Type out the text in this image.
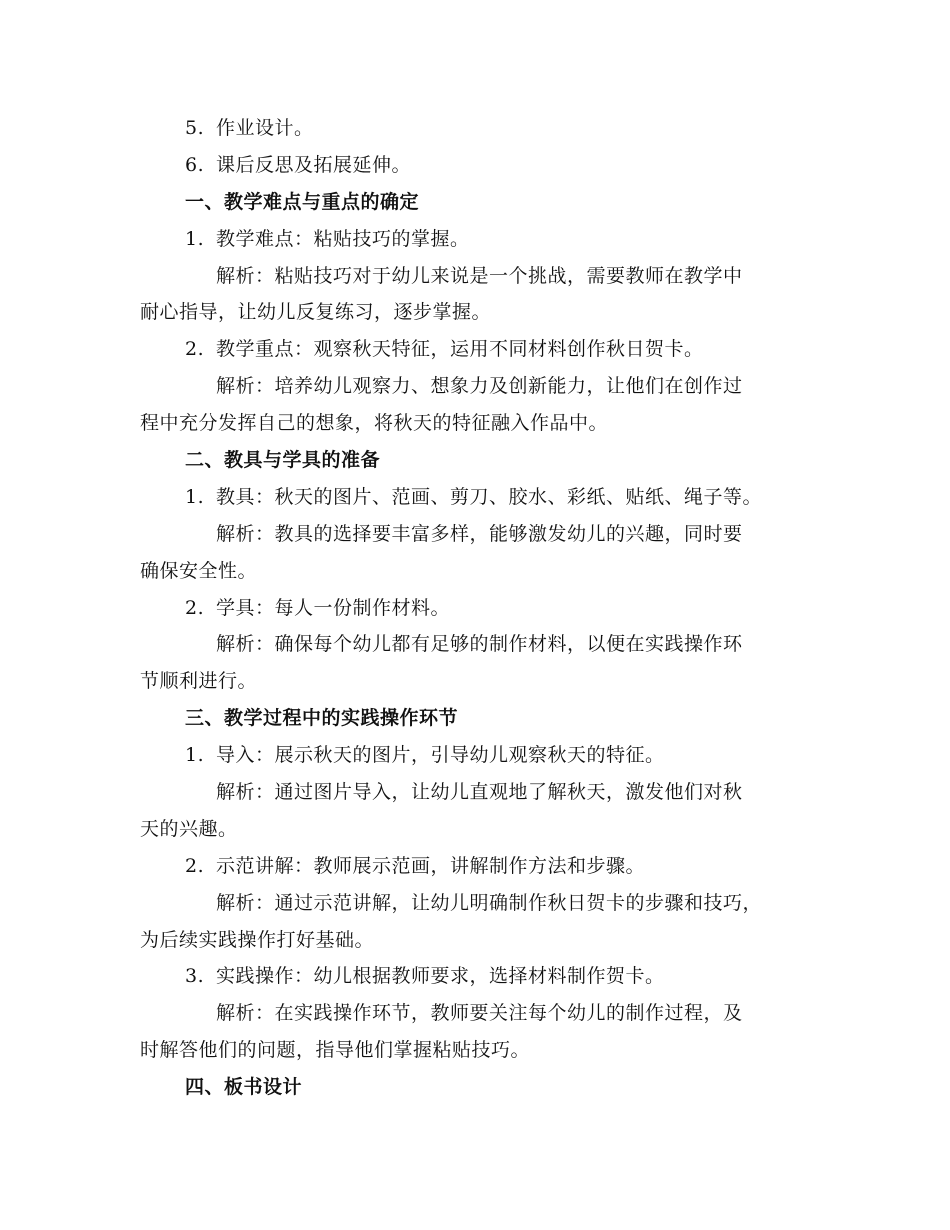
5. 作业设计。
6. 课后反思及拓展延伸。
一、教学难点与重点的确定
1. 教学难点：粘贴技巧的掌握。
解析：粘贴技巧对于幼儿来说是一个挑战，需要教师在教学中
耐心指导，让幼儿反复练习，逐步掌握。
2. 教学重点：观察秋天特征，运用不同材料创作秋日贺卡。
解析：培养幼儿观察力、想象力及创新能力，让他们在创作过
程中充分发挥自己的想象，将秋天的特征融入作品中。
二、教具与学具的准备
1. 教具：秋天的图片、范画、剪刀、胶水、彩纸、贴纸、绳子等。
解析：教具的选择要丰富多样，能够激发幼儿的兴趣，同时要
确保安全性。
2. 学具：每人一份制作材料。
解析：确保每个幼儿都有足够的制作材料，以便在实践操作环
节顺利进行。
三、教学过程中的实践操作环节
1. 导入：展示秋天的图片，引导幼儿观察秋天的特征。
解析：通过图片导入，让幼儿直观地了解秋天，激发他们对秋
天的兴趣。
2. 示范讲解：教师展示范画，讲解制作方法和步骤。
解析：通过示范讲解，让幼儿明确制作秋日贺卡的步骤和技巧，
为后续实践操作打好基础。
3. 实践操作：幼儿根据教师要求，选择材料制作贺卡。
解析：在实践操作环节，教师要关注每个幼儿的制作过程，及
时解答他们的问题，指导他们掌握粘贴技巧。
四、板书设计
